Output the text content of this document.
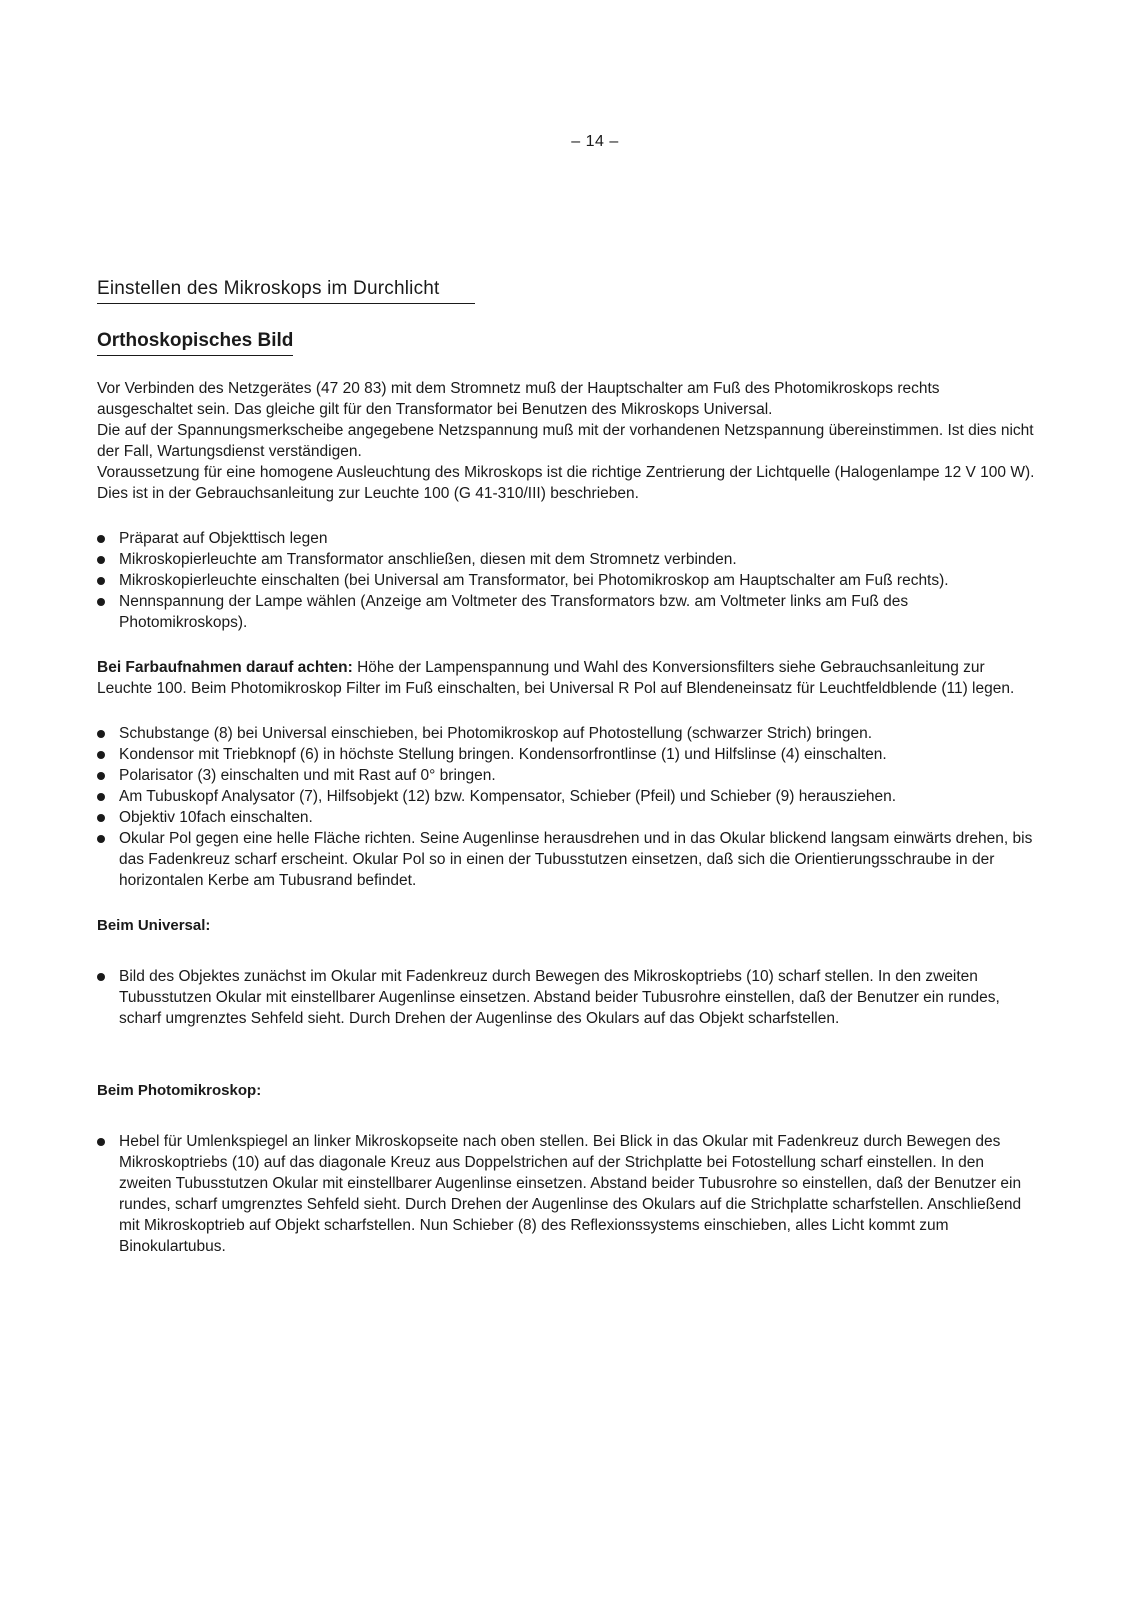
– 14 –
Einstellen des Mikroskops im Durchlicht
Orthoskopisches Bild

Vor Verbinden des Netzgerätes (47 20 83) mit dem Stromnetz muß der Hauptschalter am Fuß des Photomikroskops rechts ausgeschaltet sein. Das gleiche gilt für den Transformator bei Benutzen des Mikroskops Universal.

Die auf der Spannungsmerkscheibe angegebene Netzspannung muß mit der vorhandenen Netzspannung übereinstimmen. Ist dies nicht der Fall, Wartungsdienst verständigen.

Voraussetzung für eine homogene Ausleuchtung des Mikroskops ist die richtige Zentrierung der Lichtquelle (Halogenlampe 12 V 100 W). Dies ist in der Gebrauchsanleitung zur Leuchte 100 (G 41-310/III) beschrieben.

Präparat auf Objekttisch legen
Mikroskopierleuchte am Transformator anschließen, diesen mit dem Stromnetz verbinden.
Mikroskopierleuchte einschalten (bei Universal am Transformator, bei Photomikroskop am Hauptschalter am Fuß rechts).
Nennspannung der Lampe wählen (Anzeige am Voltmeter des Transformators bzw. am Voltmeter links am Fuß des Photomikroskops).

Bei Farbaufnahmen darauf achten: Höhe der Lampenspannung und Wahl des Konversionsfilters siehe Gebrauchsanleitung zur Leuchte 100. Beim Photomikroskop Filter im Fuß einschalten, bei Universal R Pol auf Blendeneinsatz für Leuchtfeldblende (11) legen.

Schubstange (8) bei Universal einschieben, bei Photomikroskop auf Photostellung (schwarzer Strich) bringen.
Kondensor mit Triebknopf (6) in höchste Stellung bringen. Kondensorfrontlinse (1) und Hilfslinse (4) einschalten.
Polarisator (3) einschalten und mit Rast auf 0° bringen.
Am Tubuskopf Analysator (7), Hilfsobjekt (12) bzw. Kompensator, Schieber (Pfeil) und Schieber (9) herausziehen.
Objektiv 10fach einschalten.
Okular Pol gegen eine helle Fläche richten. Seine Augenlinse herausdrehen und in das Okular blickend langsam einwärts drehen, bis das Fadenkreuz scharf erscheint. Okular Pol so in einen der Tubusstutzen einsetzen, daß sich die Orientierungsschraube in der horizontalen Kerbe am Tubusrand befindet.

Beim Universal:

Bild des Objektes zunächst im Okular mit Fadenkreuz durch Bewegen des Mikroskoptriebs (10) scharf stellen. In den zweiten Tubusstutzen Okular mit einstellbarer Augenlinse einsetzen. Abstand beider Tubusrohre einstellen, daß der Benutzer ein rundes, scharf umgrenztes Sehfeld sieht. Durch Drehen der Augenlinse des Okulars auf das Objekt scharfstellen.

Beim Photomikroskop:

Hebel für Umlenkspiegel an linker Mikroskopseite nach oben stellen. Bei Blick in das Okular mit Fadenkreuz durch Bewegen des Mikroskoptriebs (10) auf das diagonale Kreuz aus Doppelstrichen auf der Strichplatte bei Fotostellung scharf einstellen. In den zweiten Tubusstutzen Okular mit einstellbarer Augenlinse einsetzen. Abstand beider Tubusrohre so einstellen, daß der Benutzer ein rundes, scharf umgrenztes Sehfeld sieht. Durch Drehen der Augenlinse des Okulars auf die Strichplatte scharfstellen. Anschließend mit Mikroskoptrieb auf Objekt scharfstellen. Nun Schieber (8) des Reflexionssystems einschieben, alles Licht kommt zum Binokulartubus.
